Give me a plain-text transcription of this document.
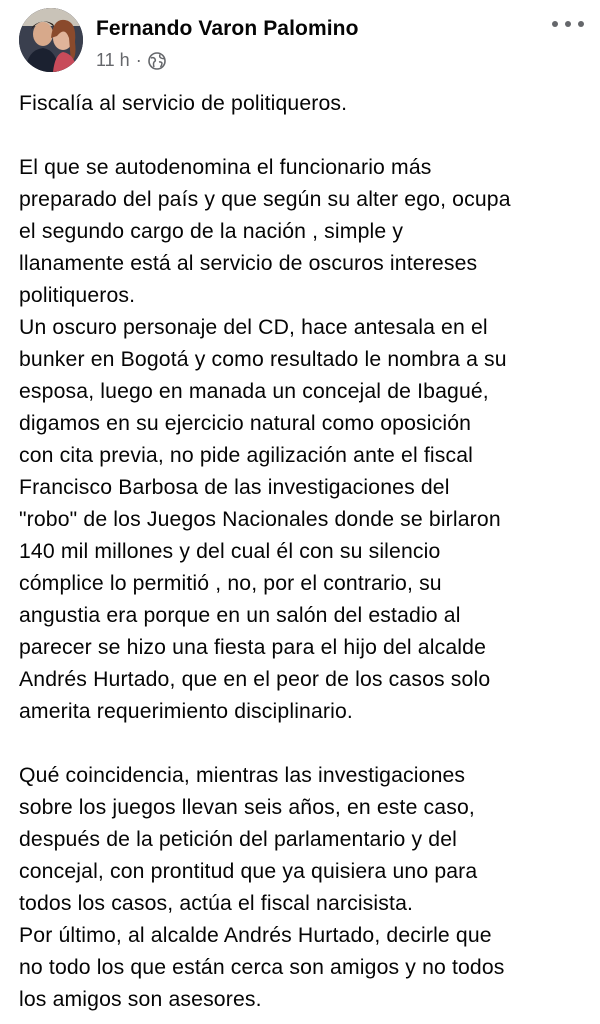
Fernando Varon Palomino
11 h ·

Fiscalía al servicio de politiqueros.

El que se autodenomina el funcionario más

preparado del país y que según su alter ego, ocupa

el segundo cargo de la nación , simple y

llanamente está al servicio de oscuros intereses

politiqueros.

Un oscuro personaje del CD, hace antesala en el

bunker en Bogotá y como resultado le nombra a su

esposa, luego en manada un concejal de Ibagué,

digamos en su ejercicio natural como oposición

con cita previa, no pide agilización ante el fiscal

Francisco Barbosa de las investigaciones del

"robo" de los Juegos Nacionales donde se birlaron

140 mil millones y del cual él con su silencio

cómplice lo permitió , no, por el contrario, su

angustia era porque en un salón del estadio al

parecer se hizo una fiesta para el hijo del alcalde

Andrés Hurtado, que en el peor de los casos solo

amerita requerimiento disciplinario.

Qué coincidencia, mientras las investigaciones

sobre los juegos llevan seis años, en este caso,

después de la petición del parlamentario y del

concejal, con prontitud que ya quisiera uno para

todos los casos, actúa el fiscal narcisista.

Por último, al alcalde Andrés Hurtado, decirle que

no todo los que están cerca son amigos y no todos

los amigos son asesores.
